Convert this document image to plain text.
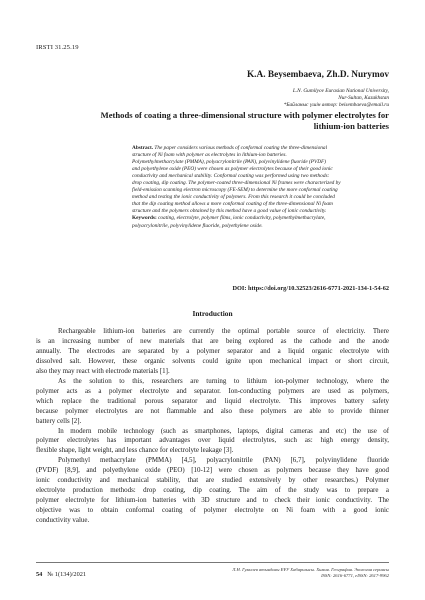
IRSTI 31.25.19
K.A. Beysembaeva, Zh.D. Nurymov
L.N. Gumilyov Eurasian National University,
Nur-Sultan, Kazakhstan
*Байланыс үшін автор: beisembaeva@email.ru
Methods of coating a three-dimensional structure with polymer electrolytes for
lithium-ion batteries
Abstract. The paper considers various methods of conformal coating the three-dimensional
structure of Ni foam with polymer as electrolytes in lithium-ion batteries.
Polymethylmethacrylate (PMMA), polyacrylonitrile (PAN), polyvinylidene fluoride (PVDF)
and polyethylene oxide (PEO) were chosen as polymer electrolytes because of their good ionic
conductivity and mechanical stability. Conformal coating was performed using two methods:
drop coating, dip coating. The polymer-coated three-dimensional Ni frames were characterized by
field-emission scanning electron microscopy (FE-SEM) to determine the more conformal coating
method and testing the ionic conductivity of polymers. From this research it could be concluded
that the dip coating method allows a more conformal coating of the three-dimensional Ni foam
structure and the polymers obtained by this method have a good value of ionic conductivity.
Keywords: coating, electrolyte, polymer films, ionic conductivity, polymethylmethacrylate,
polyacrylonitrile, polyvinylidene fluoride, polyethylene oxide.
DOI: https://doi.org/10.32523/2616-6771-2021-134-1-54-62
Introduction
Rechargeable lithium-ion batteries are currently the optimal portable source of electricity. There
is an increasing number of new materials that are being explored as the cathode and the anode
annually. The electrodes are separated by a polymer separator and a liquid organic electrolyte with
dissolved salt. However, these organic solvents could ignite upon mechanical impact or short circuit,
also they may react with electrode materials [1].
As the solution to this, researchers are turning to lithium ion-polymer technology, where the
polymer acts as a polymer electrolyte and separator. Ion-conducting polymers are used as polymers,
which replace the traditional porous separator and liquid electrolyte. This improves battery safety
because polymer electrolytes are not flammable and also these polymers are able to provide thinner
battery cells [2].
In modern mobile technology (such as smartphones, laptops, digital cameras and etc) the use of
polymer electrolytes has important advantages over liquid electrolytes, such as: high energy density,
flexible shape, light weight, and less chance for electrolyte leakage [3].
Polymethyl methacrylate (PMMA) [4,5], polyacrylonitrile (PAN) [6,7], polyvinylidene fluoride
(PVDF) [8,9], and polyethylene oxide (PEO) [10-12] were chosen as polymers because they have good
ionic conductivity and mechanical stability, that are studied extensively by other researches.) Polymer
electrolyte production methods: drop coating, dip coating. The aim of the study was to prepare a
polymer electrolyte for lithium-ion batteries with 3D structure and to check their ionic conductivity. The
objective was to obtain conformal coating of polymer electrolyte on Ni foam with a good ionic
conductivity value.
54 № 1(134)/2021
Л.Н. Гумилев атындағы ЕҰУ Хабаршысы. Химия. География. Экология сериясы
ISSN: 2616-6771, eISSN: 2617-9962
